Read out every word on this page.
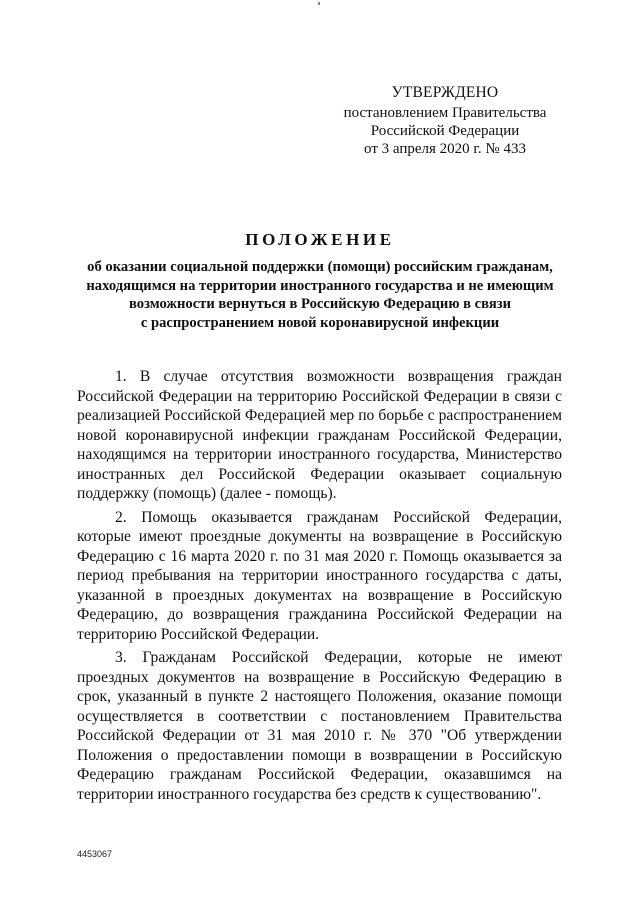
УТВЕРЖДЕНО
постановлением Правительства
Российской Федерации
от 3 апреля 2020 г. № 433
ПОЛОЖЕНИЕ
об оказании социальной поддержки (помощи) российским гражданам,
находящимся на территории иностранного государства и не имеющим
возможности вернуться в Российскую Федерацию в связи
с распространением новой коронавирусной инфекции

1. В случае отсутствия возможности возвращения граждан Российской Федерации на территорию Российской Федерации в связи с реализацией Российской Федерацией мер по борьбе с распространением новой коронавирусной инфекции гражданам Российской Федерации, находящимся на территории иностранного государства, Министерство иностранных дел Российской Федерации оказывает социальную поддержку (помощь) (далее - помощь).

2. Помощь оказывается гражданам Российской Федерации, которые имеют проездные документы на возвращение в Российскую Федерацию с 16 марта 2020 г. по 31 мая 2020 г. Помощь оказывается за период пребывания на территории иностранного государства с даты, указанной в проездных документах на возвращение в Российскую Федерацию, до возвращения гражданина Российской Федерации на территорию Российской Федерации.

3. Гражданам Российской Федерации, которые не имеют проездных документов на возвращение в Российскую Федерацию в срок, указанный в пункте 2 настоящего Положения, оказание помощи осуществляется в соответствии с постановлением Правительства Российской Федерации от 31 мая 2010 г. № 370 "Об утверждении Положения о предоставлении помощи в возвращении в Российскую Федерацию гражданам Российской Федерации, оказавшимся на территории иностранного государства без средств к существованию".

4453067
